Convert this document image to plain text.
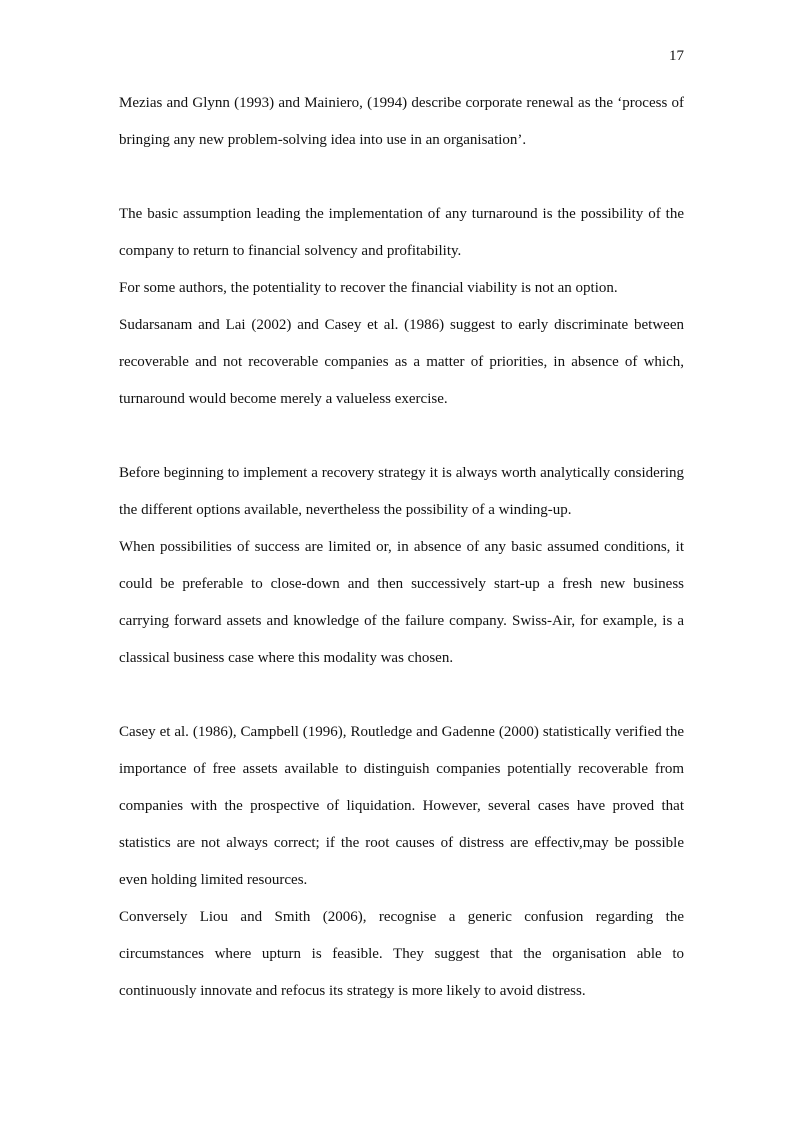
17

Mezias and Glynn (1993) and Mainiero, (1994) describe corporate renewal as the ‘process of bringing any new problem-solving idea into use in an organisation’.

The basic assumption leading the implementation of any turnaround is the possibility of the company to return to financial solvency and profitability.

For some authors, the potentiality to recover the financial viability is not an option.

Sudarsanam and Lai (2002) and Casey et al. (1986) suggest to early discriminate between recoverable and not recoverable companies as a matter of priorities, in absence of which, turnaround would become merely a valueless exercise.

Before beginning to implement a recovery strategy it is always worth analytically considering the different options available, nevertheless the possibility of a winding-up.

When possibilities of success are limited or, in absence of any basic assumed conditions, it could be preferable to close-down and then successively start-up a fresh new business carrying forward assets and knowledge of the failure company. Swiss-Air, for example, is a classical business case where this modality was chosen.

Casey et al. (1986), Campbell (1996), Routledge and Gadenne (2000) statistically verified the importance of free assets available to distinguish companies potentially recoverable from companies with the prospective of liquidation. However, several cases have proved that statistics are not always correct; if the root causes of distress are effectiv,may be possible even holding limited resources.

Conversely Liou and Smith (2006), recognise a generic confusion regarding the circumstances where upturn is feasible. They suggest that the organisation able to continuously innovate and refocus its strategy is more likely to avoid distress.
